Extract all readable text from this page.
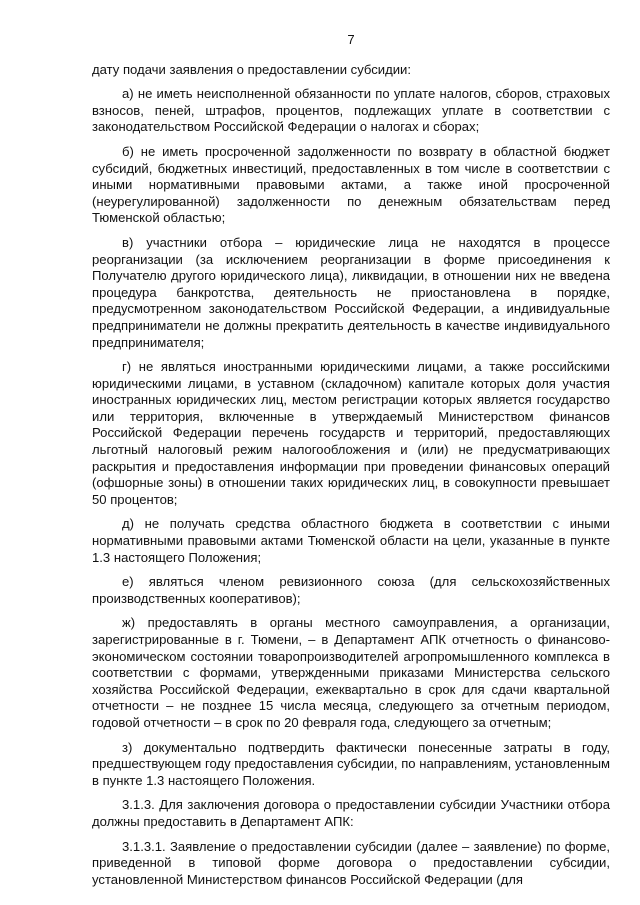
7

дату подачи заявления о предоставлении субсидии:

а) не иметь неисполненной обязанности по уплате налогов, сборов, страховых взносов, пеней, штрафов, процентов, подлежащих уплате в соответствии с законодательством Российской Федерации о налогах и сборах;

б) не иметь просроченной задолженности по возврату в областной бюджет субсидий, бюджетных инвестиций, предоставленных в том числе в соответствии с иными нормативными правовыми актами, а также иной просроченной (неурегулированной) задолженности по денежным обязательствам перед Тюменской областью;

в) участники отбора – юридические лица не находятся в процессе реорганизации (за исключением реорганизации в форме присоединения к Получателю другого юридического лица), ликвидации, в отношении них не введена процедура банкротства, деятельность не приостановлена в порядке, предусмотренном законодательством Российской Федерации, а индивидуальные предприниматели не должны прекратить деятельность в качестве индивидуального предпринимателя;

г) не являться иностранными юридическими лицами, а также российскими юридическими лицами, в уставном (складочном) капитале которых доля участия иностранных юридических лиц, местом регистрации которых является государство или территория, включенные в утверждаемый Министерством финансов Российской Федерации перечень государств и территорий, предоставляющих льготный налоговый режим налогообложения и (или) не предусматривающих раскрытия и предоставления информации при проведении финансовых операций (офшорные зоны) в отношении таких юридических лиц, в совокупности превышает 50 процентов;

д) не получать средства областного бюджета в соответствии с иными нормативными правовыми актами Тюменской области на цели, указанные в пункте 1.3 настоящего Положения;

е) являться членом ревизионного союза (для сельскохозяйственных производственных кооперативов);

ж) предоставлять в органы местного самоуправления, а организации, зарегистрированные в г. Тюмени, – в Департамент АПК отчетность о финансово-экономическом состоянии товаропроизводителей агропромышленного комплекса в соответствии с формами, утвержденными приказами Министерства сельского хозяйства Российской Федерации, ежеквартально в срок для сдачи квартальной отчетности – не позднее 15 числа месяца, следующего за отчетным периодом, годовой отчетности – в срок по 20 февраля года, следующего за отчетным;

з) документально подтвердить фактически понесенные затраты в году, предшествующем году предоставления субсидии, по направлениям, установленным в пункте 1.3 настоящего Положения.

3.1.3. Для заключения договора о предоставлении субсидии Участники отбора должны предоставить в Департамент АПК:

3.1.3.1. Заявление о предоставлении субсидии (далее – заявление) по форме, приведенной в типовой форме договора о предоставлении субсидии, установленной Министерством финансов Российской Федерации (для
